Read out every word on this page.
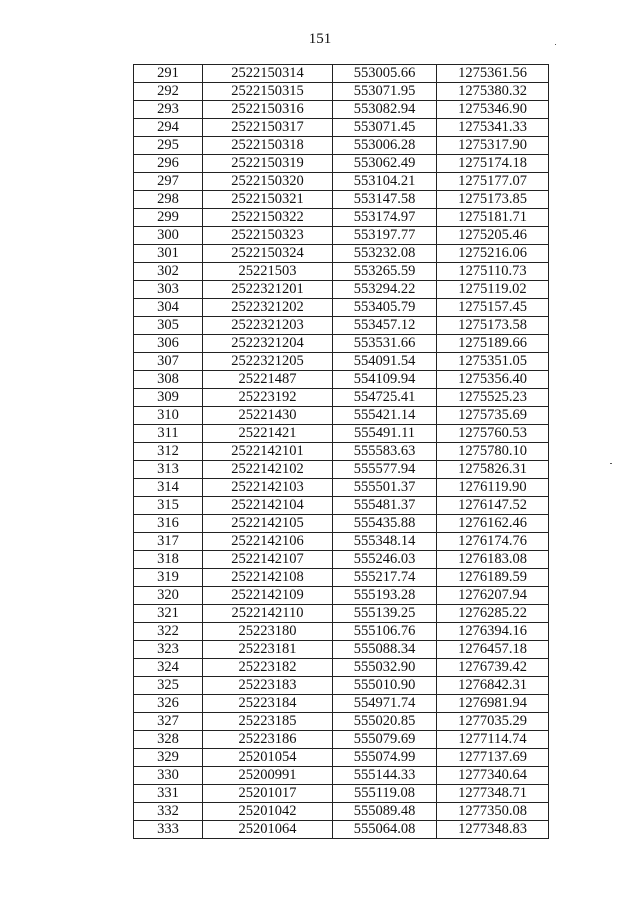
151
291	2522150314	553005.66	1275361.56
292	2522150315	553071.95	1275380.32
293	2522150316	553082.94	1275346.90
294	2522150317	553071.45	1275341.33
295	2522150318	553006.28	1275317.90
296	2522150319	553062.49	1275174.18
297	2522150320	553104.21	1275177.07
298	2522150321	553147.58	1275173.85
299	2522150322	553174.97	1275181.71
300	2522150323	553197.77	1275205.46
301	2522150324	553232.08	1275216.06
302	25221503	553265.59	1275110.73
303	2522321201	553294.22	1275119.02
304	2522321202	553405.79	1275157.45
305	2522321203	553457.12	1275173.58
306	2522321204	553531.66	1275189.66
307	2522321205	554091.54	1275351.05
308	25221487	554109.94	1275356.40
309	25223192	554725.41	1275525.23
310	25221430	555421.14	1275735.69
311	25221421	555491.11	1275760.53
312	2522142101	555583.63	1275780.10
313	2522142102	555577.94	1275826.31
314	2522142103	555501.37	1276119.90
315	2522142104	555481.37	1276147.52
316	2522142105	555435.88	1276162.46
317	2522142106	555348.14	1276174.76
318	2522142107	555246.03	1276183.08
319	2522142108	555217.74	1276189.59
320	2522142109	555193.28	1276207.94
321	2522142110	555139.25	1276285.22
322	25223180	555106.76	1276394.16
323	25223181	555088.34	1276457.18
324	25223182	555032.90	1276739.42
325	25223183	555010.90	1276842.31
326	25223184	554971.74	1276981.94
327	25223185	555020.85	1277035.29
328	25223186	555079.69	1277114.74
329	25201054	555074.99	1277137.69
330	25200991	555144.33	1277340.64
331	25201017	555119.08	1277348.71
332	25201042	555089.48	1277350.08
333	25201064	555064.08	1277348.83
